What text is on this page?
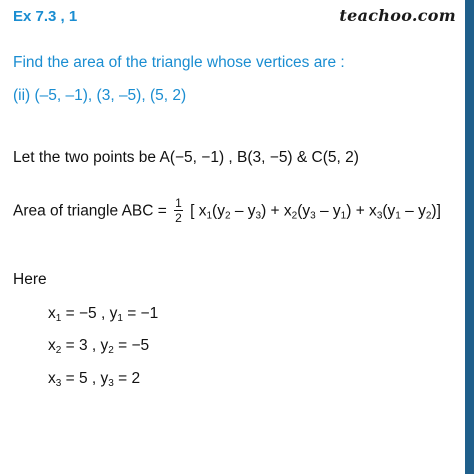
teachoo.com
Ex 7.3 , 1
Find the area of the triangle whose vertices are :
(ii) (–5, –1), (3, –5), (5, 2)
Let the two points be A(−5, −1) , B(3, −5) & C(5, 2)
Area of triangle ABC = $\frac{1}{2}$ [ $x_1(y_2 - y_3) + x_2(y_3 - y_1) + x_3(y_1 - y_2)$]
Here
$x_1 = -5$ , $y_1 = -1$
$x_2 = 3$ , $y_2 = -5$
$x_3 = 5$ , $y_3 = 2$
